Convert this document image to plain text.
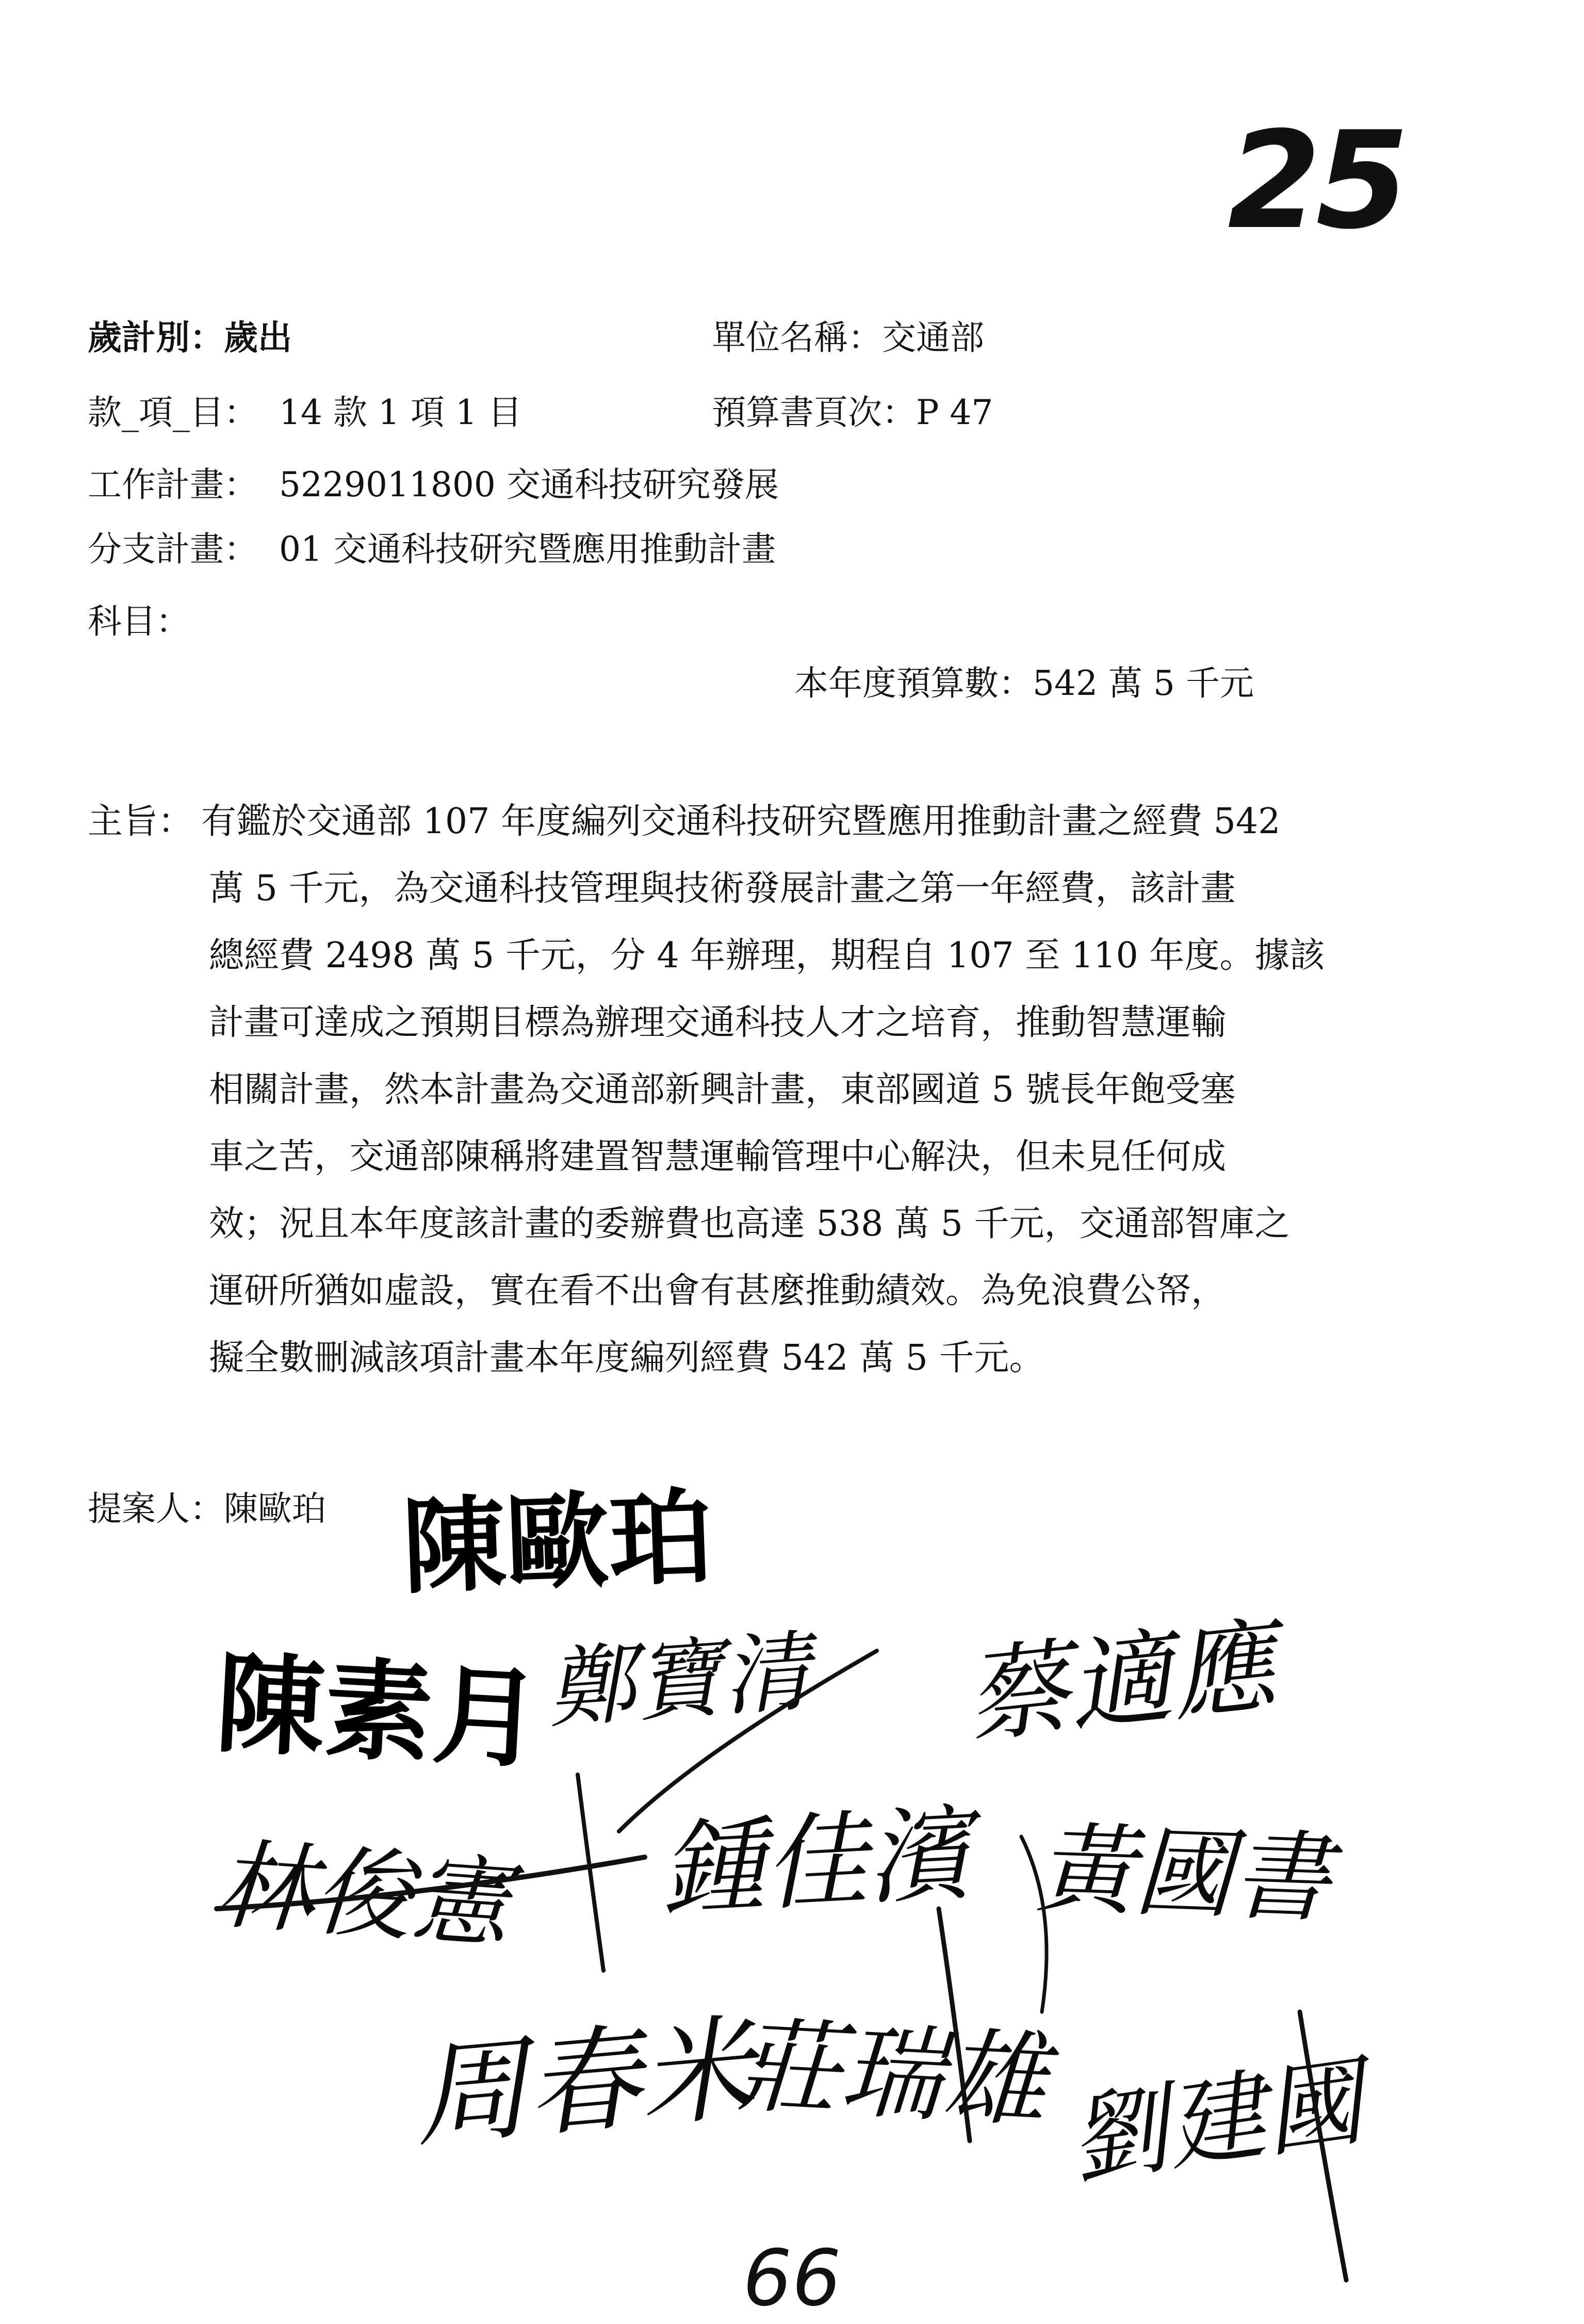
25
歲計別：歲出	單位名稱：交通部
款_項_目： 14 款 1 項 1 目	預算書頁次：P 47
工作計畫： 5229011800 交通科技研究發展
分支計畫： 01 交通科技研究暨應用推動計畫
科目：
本年度預算數：542 萬 5 千元
主旨： 有鑑於交通部 107 年度編列交通科技研究暨應用推動計畫之經費 542
萬 5 千元，為交通科技管理與技術發展計畫之第一年經費，該計畫
總經費 2498 萬 5 千元，分 4 年辦理，期程自 107 至 110 年度。據該
計畫可達成之預期目標為辦理交通科技人才之培育，推動智慧運輸
相關計畫，然本計畫為交通部新興計畫，東部國道 5 號長年飽受塞
車之苦，交通部陳稱將建置智慧運輸管理中心解決，但未見任何成
效；況且本年度該計畫的委辦費也高達 538 萬 5 千元，交通部智庫之
運研所猶如虛設，實在看不出會有甚麼推動績效。為免浪費公帑，
擬全數刪減該項計畫本年度編列經費 542 萬 5 千元。
提案人：陳歐珀 陳歐珀
陳素月 鄭寶清 蔡適應
林俊憲 鍾佳濱 黃國書
周春米
莊瑞雄 劉建國
66
